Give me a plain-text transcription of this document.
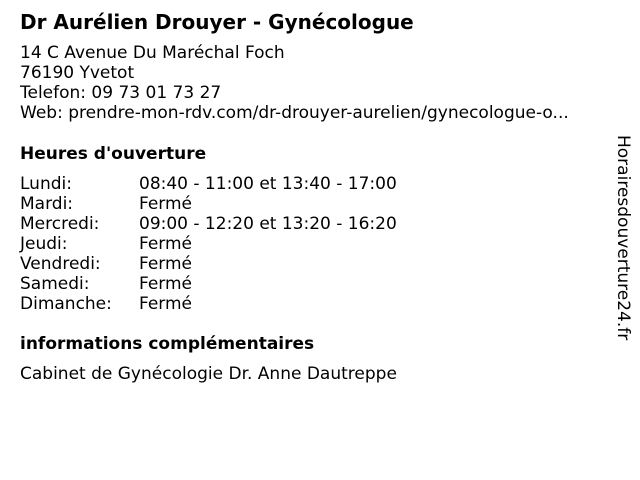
Dr Aurélien Drouyer - Gynécologue
14 C Avenue Du Maréchal Foch
76190 Yvetot
Telefon: 09 73 01 73 27
Web: prendre-mon-rdv.com/dr-drouyer-aurelien/gynecologue-o...
Heures d'ouverture
Lundi:	08:40 - 11:00 et 13:40 - 17:00
Mardi:	Fermé
Mercredi:	09:00 - 12:20 et 13:20 - 16:20
Jeudi:	Fermé
Vendredi:	Fermé
Samedi:	Fermé
Dimanche:	Fermé
informations complémentaires
Cabinet de Gynécologie Dr. Anne Dautreppe
Horairesdouverture24.fr
